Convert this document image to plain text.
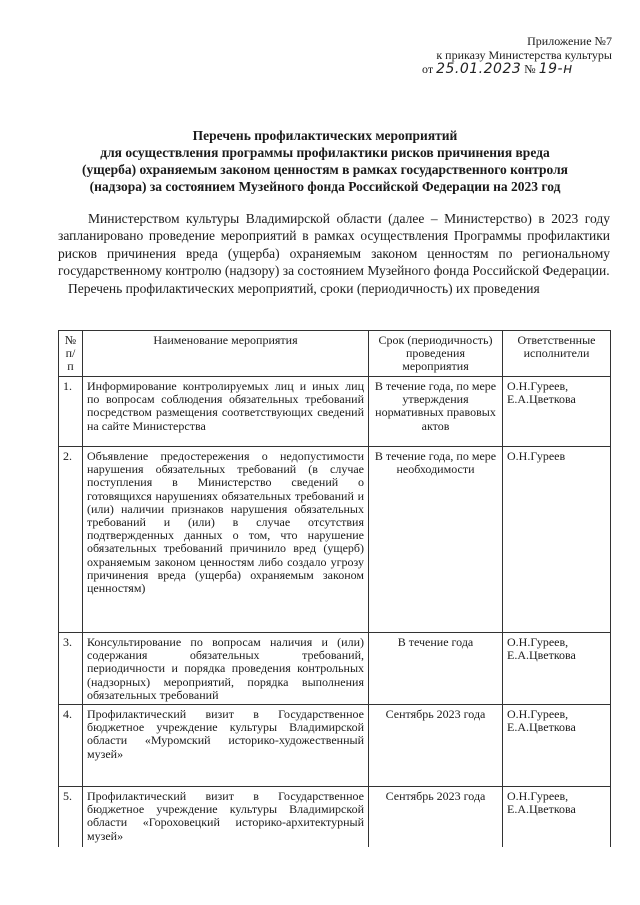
Приложение №7
к приказу Министерства культуры
от 25.01.2023 № 19-н
Перечень профилактических мероприятий
для осуществления программы профилактики рисков причинения вреда
(ущерба) охраняемым законом ценностям в рамках государственного контроля
(надзора) за состоянием Музейного фонда Российской Федерации на 2023 год

Министерством культуры Владимирской области (далее – Министерство) в 2023 году запланировано проведение мероприятий в рамках осуществления Программы профилактики рисков причинения вреда (ущерба) охраняемым законом ценностям по региональному государственному контролю (надзору) за состоянием Музейного фонда Российской Федерации.

Перечень профилактических мероприятий, сроки (периодичность) их проведения

№ п/п	Наименование мероприятия	Срок (периодичность) проведения мероприятия	Ответственные исполнители
1.	Информирование контролируемых лиц и иных лиц по вопросам соблюдения обязательных требований посредством размещения соответствующих сведений на сайте Министерства	В течение года, по мере утверждения нормативных правовых актов	О.Н.Гуреев,
Е.А.Цветкова

2.	Объявление предостережения о недопустимости нарушения обязательных требований (в случае поступления в Министерство сведений о готовящихся нарушениях обязательных требований и (или) наличии признаков нарушения обязательных требований и (или) в случае отсутствия подтвержденных данных о том, что нарушение обязательных требований причинило вред (ущерб) охраняемым законом ценностям либо создало угрозу причинения вреда (ущерба) охраняемым законом ценностям)	В течение года, по мере необходимости	О.Н.Гуреев

3.	Консультирование по вопросам наличия и (или) содержания обязательных требований, периодичности и порядка проведения контрольных (надзорных) мероприятий, порядка выполнения обязательных требований	В течение года	О.Н.Гуреев,
Е.А.Цветкова

4.	Профилактический визит в Государственное бюджетное учреждение культуры Владимирской области «Муромский историко-художественный музей»	Сентябрь 2023 года	О.Н.Гуреев,
Е.А.Цветкова

5.	Профилактический визит в Государственное бюджетное учреждение культуры Владимирской области «Гороховецкий историко-архитектурный музей»	Сентябрь 2023 года	О.Н.Гуреев,
Е.А.Цветкова
